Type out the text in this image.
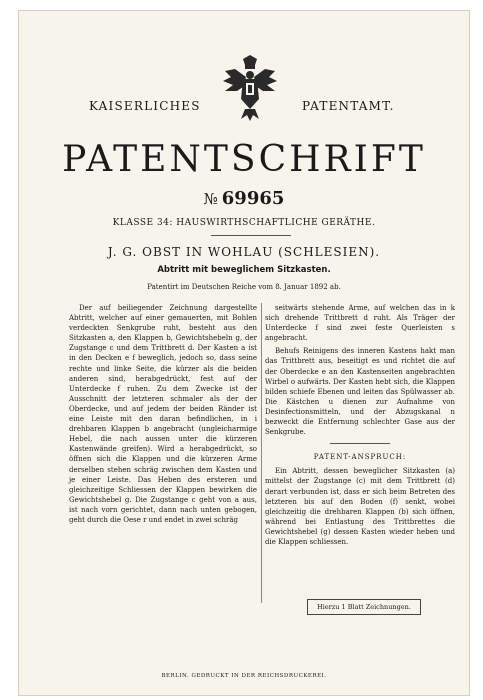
KAISERLICHES	PATENTAMT.
PATENTSCHRIFT
№ 69965
KLASSE 34: HAUSWIRTHSCHAFTLICHE GERÄTHE.
J. G. OBST IN WOHLAU (SCHLESIEN).
Abtritt mit beweglichem Sitzkasten.
Patentirt im Deutschen Reiche vom 8. Januar 1892 ab.

Der auf beiliegender Zeichnung dargestellte Abtritt, welcher auf einer gemauerten, mit Bohlen verdeckten Senkgrube ruht, besteht aus den Sitzkasten a, den Klappen b, Gewichtshebeln g, der Zugstange c und dem Trittbrett d. Der Kasten a ist in den Decken e f beweglich, jedoch so, dass seine rechte und linke Seite, die kürzer als die beiden anderen sind, herabgedrückt, fest auf der Unterdecke f ruhen. Zu dem Zwecke ist der Ausschnitt der letzteren schmaler als der der Oberdecke, und auf jedem der beiden Ränder ist eine Leiste mit den daran befindlichen, in i drehbaren Klappen b angebracht (ungleicharmige Hebel, die nach aussen unter die kürzeren Kastenwände greifen). Wird a herabgedrückt, so öffnen sich die Klappen und die kürzeren Arme derselben stehen schräg zwischen dem Kasten und je einer Leiste. Das Heben des ersteren und gleichzeitige Schliessen der Klappen bewirken die Gewichtshebel g. Die Zugstange c geht von a aus, ist nach vorn gerichtet, dann nach unten gebogen, geht durch die Oese r und endet in zwei schräg

seitwärts stehende Arme, auf welchen das in k sich drehende Trittbrett d ruht. Als Träger der Unterdecke f sind zwei feste Querleisten s angebracht.

Behufs Reinigens des inneren Kastens hakt man das Trittbrett aus, beseitigt es und richtet die auf der Oberdecke e an den Kastenseiten angebrachten Wirbel o aufwärts. Der Kasten hebt sich, die Klappen bilden schiefe Ebenen und leiten das Spülwasser ab. Die Kästchen u dienen zur Aufnahme von Desinfectionsmitteln, und der Abzugskanal n bezweckt die Entfernung schlechter Gase aus der Senkgrube.

PATENT-ANSPRUCH:

Ein Abtritt, dessen beweglicher Sitzkasten (a) mittelst der Zugstange (c) mit dem Trittbrett (d) derart verbunden ist, dass er sich beim Betreten des letzteren bis auf den Boden (f) senkt, wobei gleichzeitig die drehbaren Klappen (b) sich öffnen, während bei Entlastung des Trittbrettes die Gewichtshebel (g) dessen Kasten wieder heben und die Klappen schliessen.

Hierzu 1 Blatt Zeichnungen.
BERLIN. GEDRUCKT IN DER REICHSDRUCKEREI.
